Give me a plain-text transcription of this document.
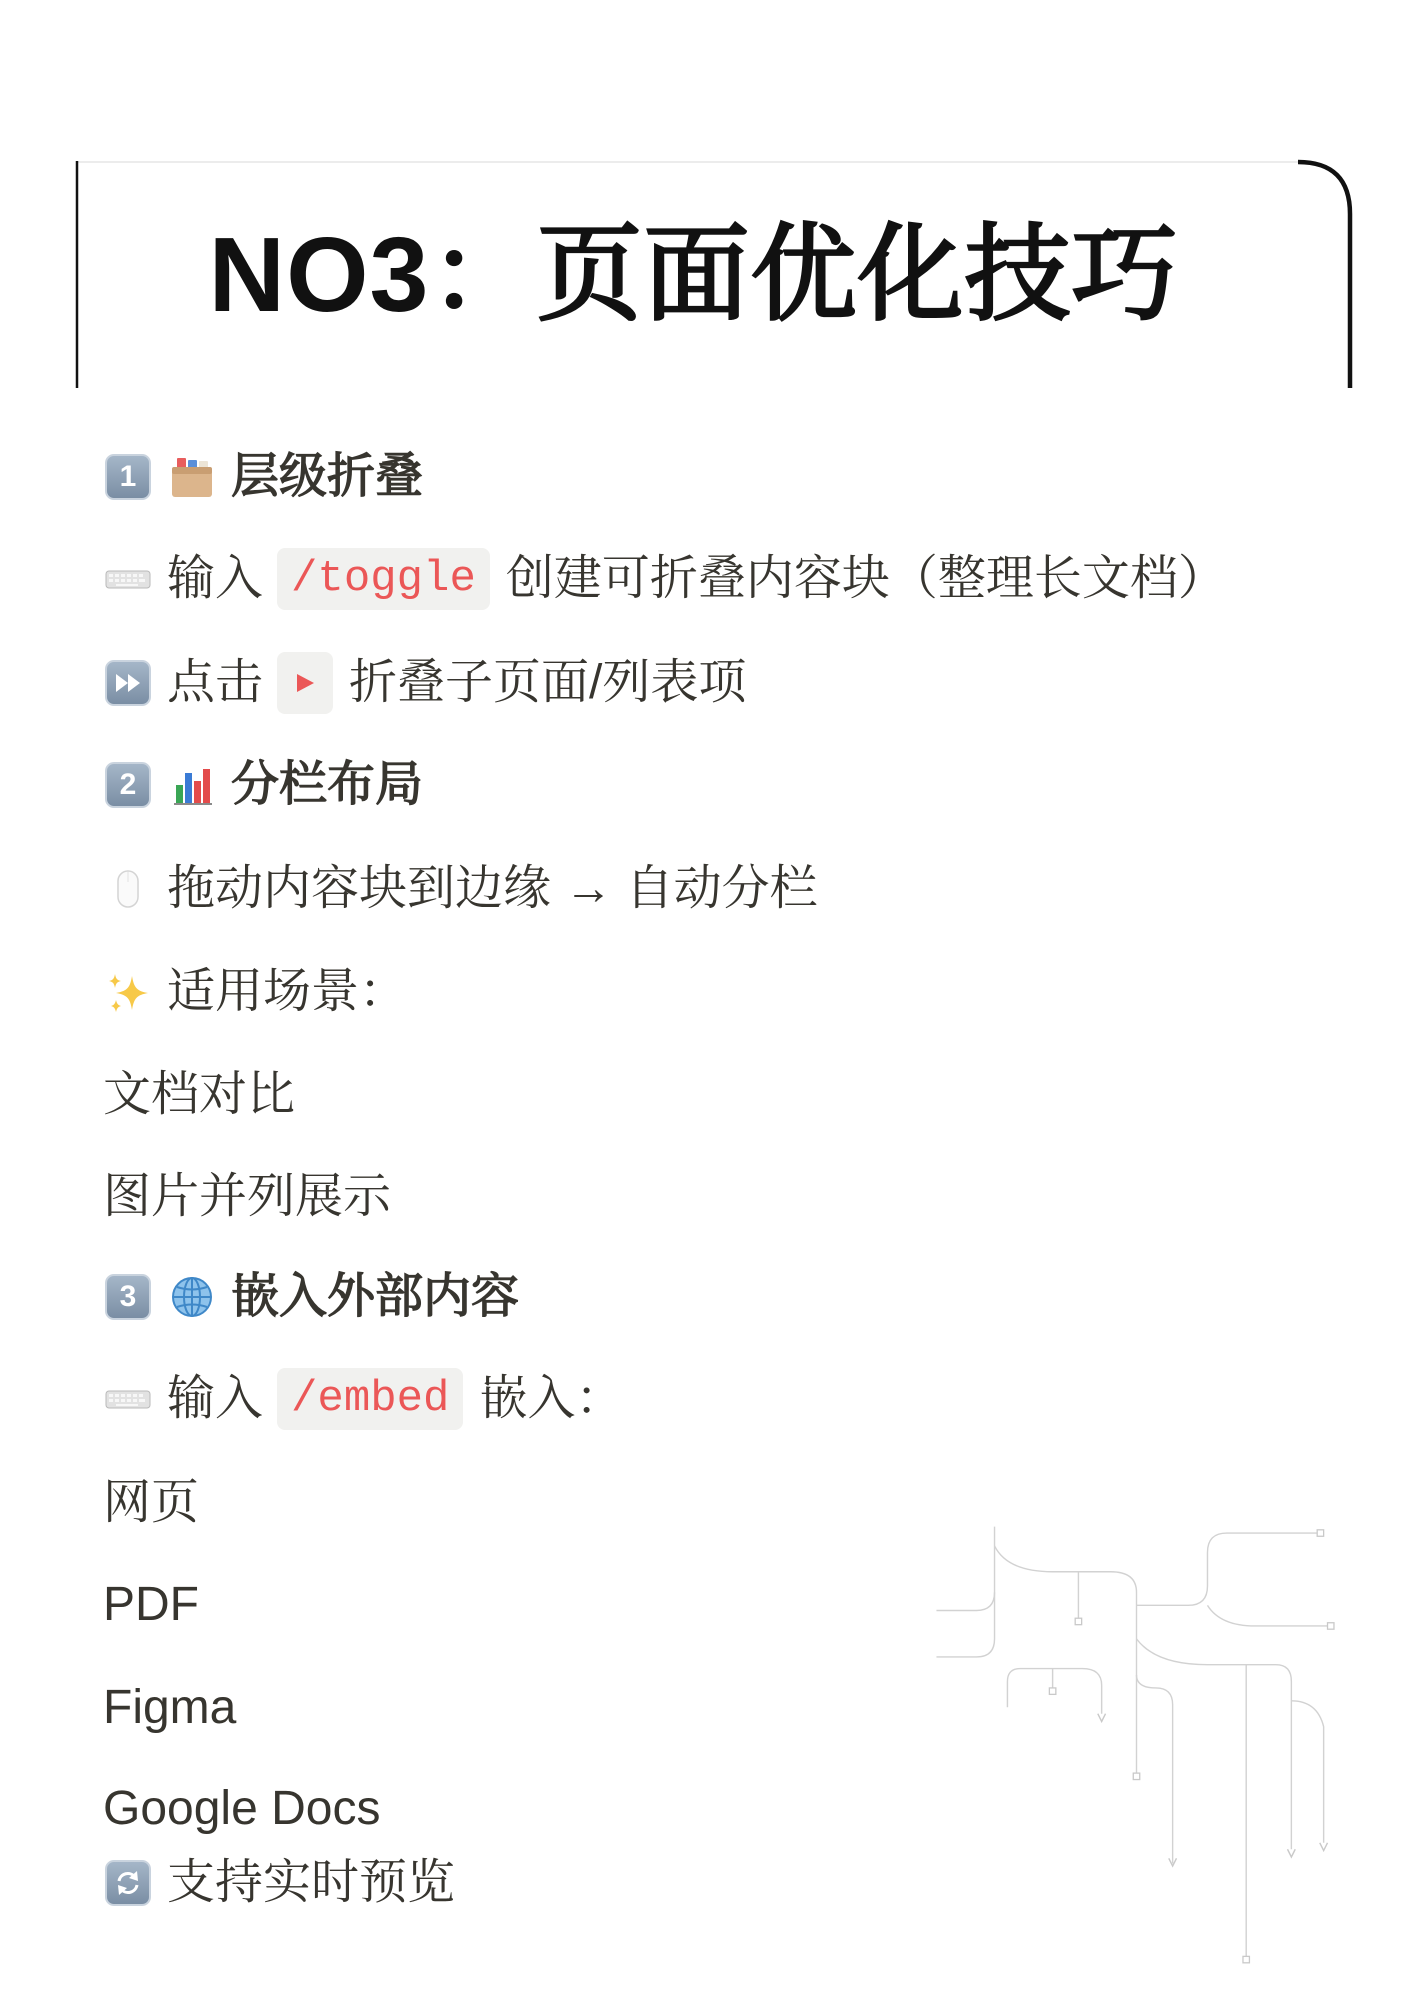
NO3：页面优化技巧
1	层级折叠
输入 /toggle 创建可折叠内容块（整理长文档）
点击 折叠子页面/列表项
2	分栏布局
拖动内容块到边缘 → 自动分栏
适用场景：
文档对比
图片并列展示
3	嵌入外部内容
输入 /embed 嵌入：
网页
PDF
Figma
Google Docs
支持实时预览
